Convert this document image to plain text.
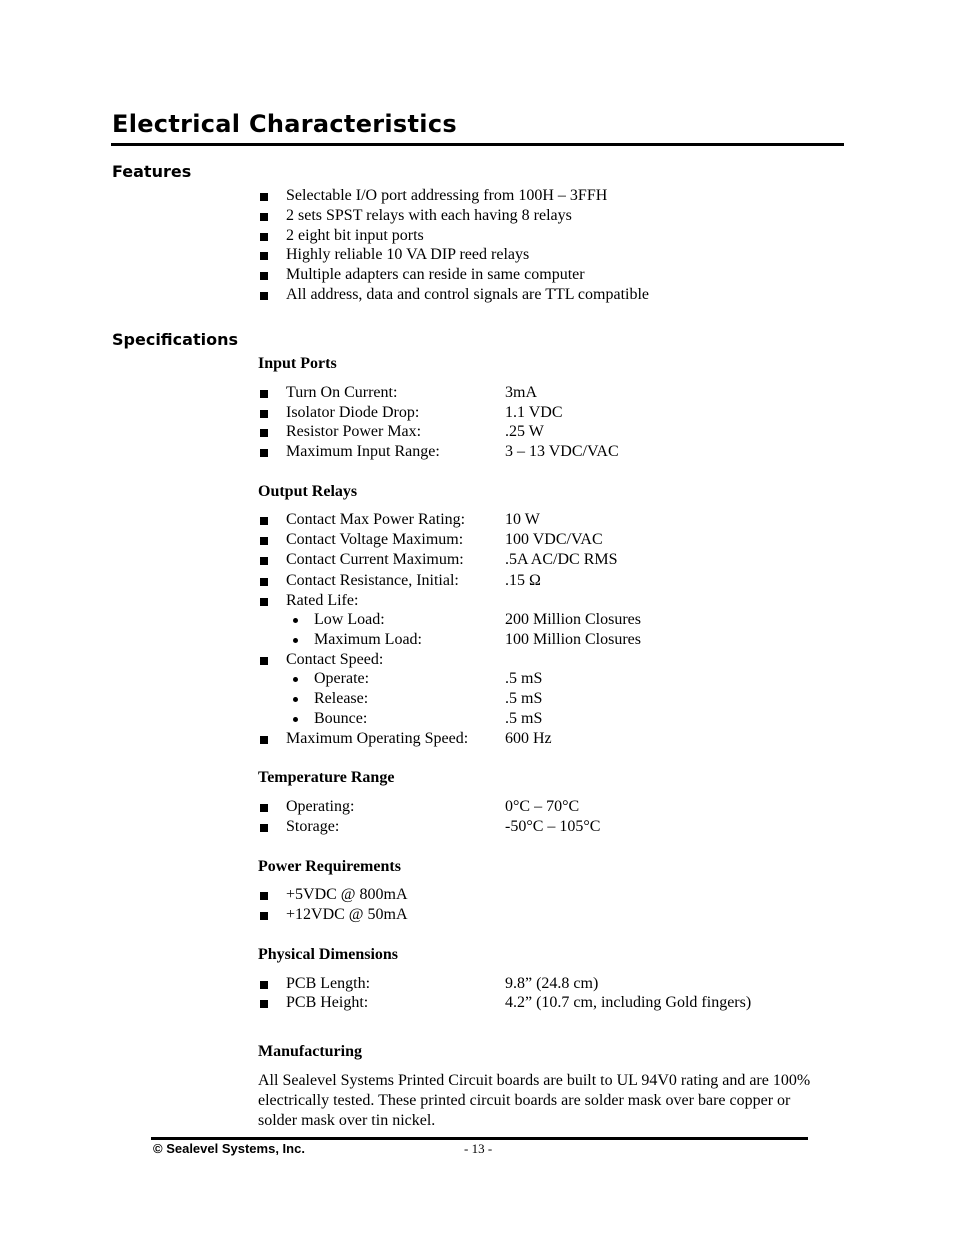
Electrical Characteristics
Features
Selectable I/O port addressing from 100H – 3FFH
2 sets SPST relays with each having 8 relays
2 eight bit input ports
Highly reliable 10 VA DIP reed relays
Multiple adapters can reside in same computer
All address, data and control signals are TTL compatible
Specifications
Input Ports
Turn On Current:	3mA
Isolator Diode Drop:	1.1 VDC
Resistor Power Max:	.25 W
Maximum Input Range:	3 – 13 VDC/VAC
Output Relays
Contact Max Power Rating: 10 W
Contact Voltage Maximum:	100 VDC/VAC
Contact Current Maximum:	.5A AC/DC RMS
Contact Resistance, Initial:	.15 Ω
Rated Life:
Low Load:	200 Million Closures
Maximum Load:	100 Million Closures
Contact Speed:
Operate:	.5 mS
Release:	.5 mS
Bounce:	.5 mS
Maximum Operating Speed: 600 Hz
Temperature Range
Operating:	0°C – 70°C
Storage:	-50°C – 105°C
Power Requirements
+5VDC @ 800mA
+12VDC @ 50mA
Physical Dimensions
PCB Length:	9.8” (24.8 cm)
PCB Height:	4.2” (10.7 cm, including Gold fingers)
Manufacturing
All Sealevel Systems Printed Circuit boards are built to UL 94V0 rating and are 100% electrically tested. These printed circuit boards are solder mask over bare copper or solder mask over tin nickel.
© Sealevel Systems, Inc.	- 13 -
